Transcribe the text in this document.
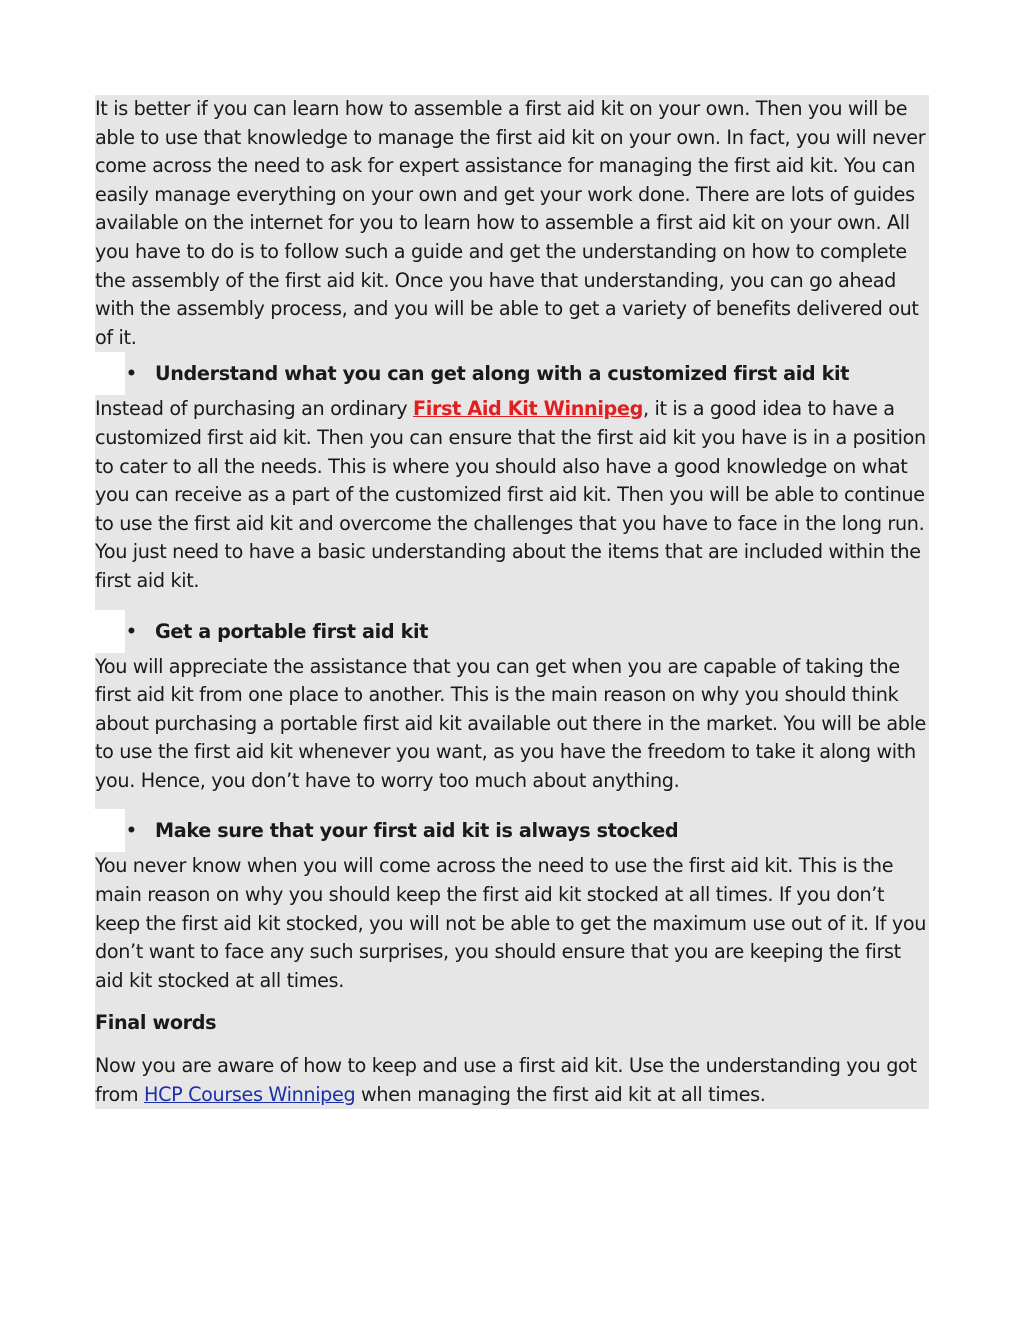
It is better if you can learn how to assemble a first aid kit on your own. Then you will be able to use that knowledge to manage the first aid kit on your own. In fact, you will never come across the need to ask for expert assistance for managing the first aid kit. You can easily manage everything on your own and get your work done. There are lots of guides available on the internet for you to learn how to assemble a first aid kit on your own. All you have to do is to follow such a guide and get the understanding on how to complete the assembly of the first aid kit. Once you have that understanding, you can go ahead with the assembly process, and you will be able to get a variety of benefits delivered out of it.

• Understand what you can get along with a customized first aid kit

Instead of purchasing an ordinary First Aid Kit Winnipeg, it is a good idea to have a customized first aid kit. Then you can ensure that the first aid kit you have is in a position to cater to all the needs. This is where you should also have a good knowledge on what you can receive as a part of the customized first aid kit. Then you will be able to continue to use the first aid kit and overcome the challenges that you have to face in the long run. You just need to have a basic understanding about the items that are included within the first aid kit.

• Get a portable first aid kit

You will appreciate the assistance that you can get when you are capable of taking the first aid kit from one place to another. This is the main reason on why you should think about purchasing a portable first aid kit available out there in the market. You will be able to use the first aid kit whenever you want, as you have the freedom to take it along with you. Hence, you don’t have to worry too much about anything.

• Make sure that your first aid kit is always stocked

You never know when you will come across the need to use the first aid kit. This is the main reason on why you should keep the first aid kit stocked at all times. If you don’t keep the first aid kit stocked, you will not be able to get the maximum use out of it. If you don’t want to face any such surprises, you should ensure that you are keeping the first aid kit stocked at all times.

Final words

Now you are aware of how to keep and use a first aid kit. Use the understanding you got from HCP Courses Winnipeg when managing the first aid kit at all times.
